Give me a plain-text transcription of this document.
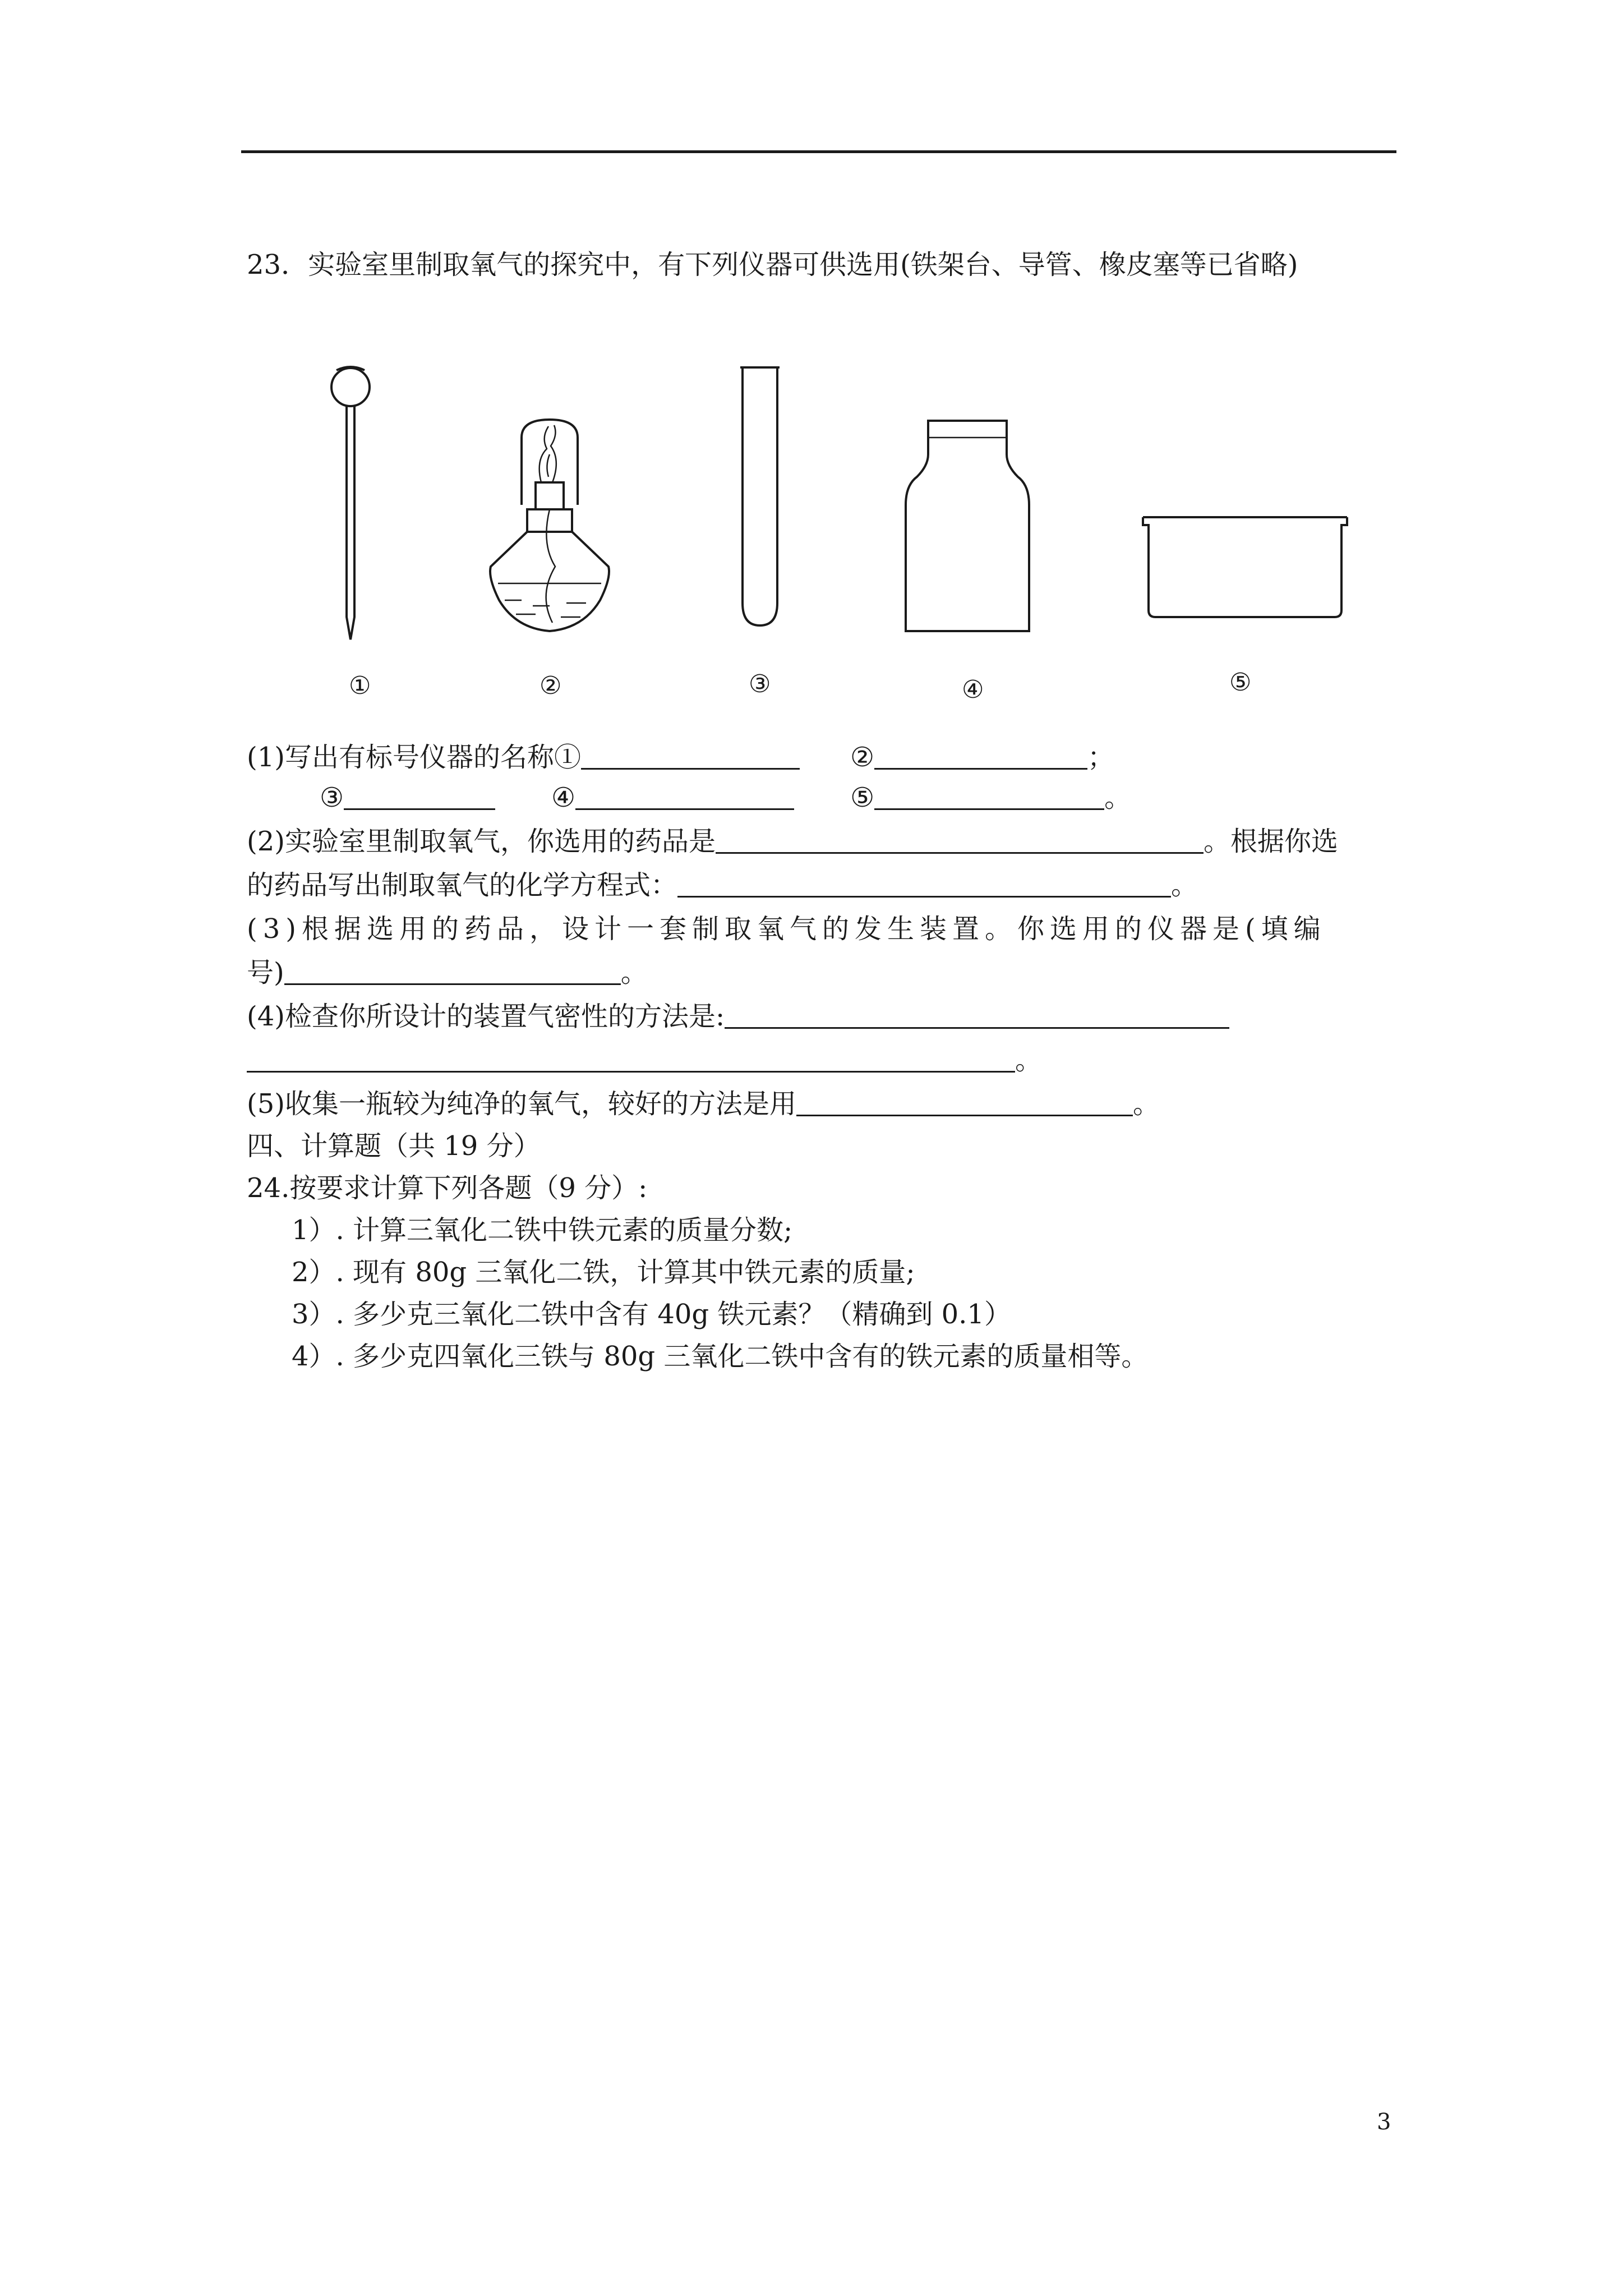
23．实验室里制取氧气的探究中，有下列仪器可供选用(铁架台、导管、橡皮塞等已省略)
①	②	③	④	⑤
(1)写出有标号仪器的名称①	②	；
③	④	⑤	。
(2)实验室里制取氧气，你选用的药品是	。根据你选
的药品写出制取氧气的化学方程式：	。
(3)根据选用的药品，设计一套制取氧气的发生装置。你选用的仪器是(填编
号)	。
(4)检查你所设计的装置气密性的方法是:
。
(5)收集一瓶较为纯净的氧气，较好的方法是用	。
四、计算题（共 19 分）
24.按要求计算下列各题（9 分）:
1）. 计算三氧化二铁中铁元素的质量分数;
2）. 现有 80g 三氧化二铁，计算其中铁元素的质量;
3）. 多少克三氧化二铁中含有 40g 铁元素？（精确到 0.1）
4）. 多少克四氧化三铁与 80g 三氧化二铁中含有的铁元素的质量相等。
3
